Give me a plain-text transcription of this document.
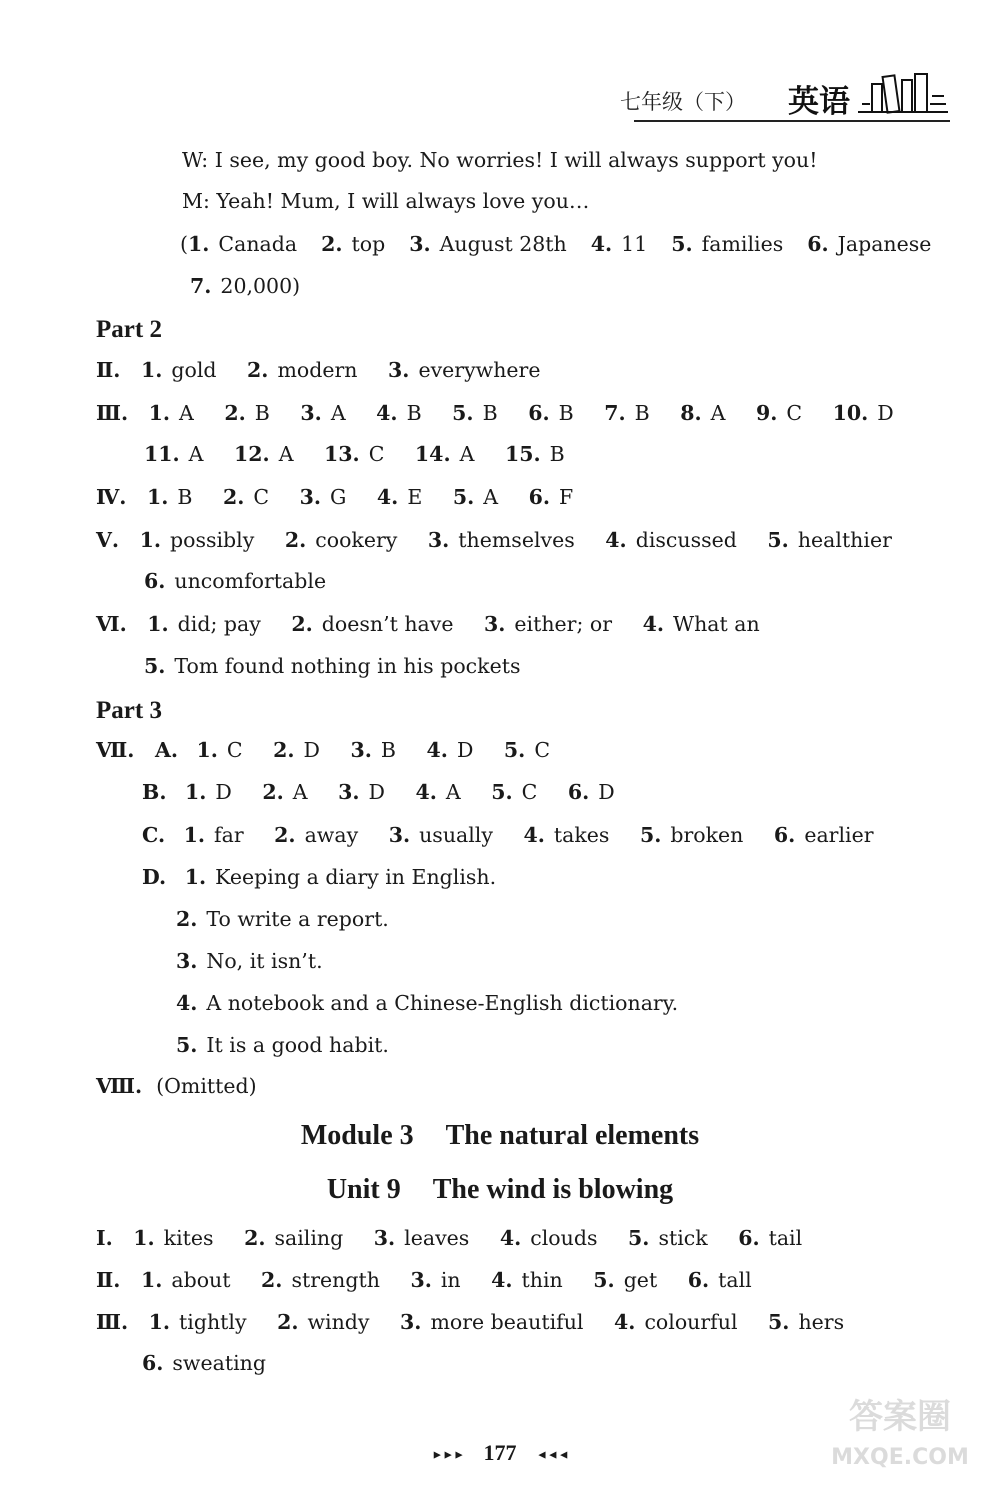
七年级（下） 英语
W: I see, my good boy. No worries! I will always support you!
M: Yeah! Mum, I will always love you…
(1. Canada 2. top 3. August 28th 4. 11 5. families 6. Japanese
7. 20,000)
Part 2
Ⅱ. 1. gold 2. modern 3. everywhere
Ⅲ. 1. A 2. B 3. A 4. B 5. B 6. B 7. B 8. A 9. C 10. D
11. A 12. A 13. C 14. A 15. B
Ⅳ. 1. B 2. C 3. G 4. E 5. A 6. F
Ⅴ. 1. possibly 2. cookery 3. themselves 4. discussed 5. healthier
6. uncomfortable
Ⅵ. 1. did; pay 2. doesn’t have 3. either; or 4. What an
5. Tom found nothing in his pockets
Part 3
Ⅶ. A. 1. C 2. D 3. B 4. D 5. C
B. 1. D 2. A 3. D 4. A 5. C 6. D
C. 1. far 2. away 3. usually 4. takes 5. broken 6. earlier
D. 1. Keeping a diary in English.
2. To write a report.
3. No, it isn’t.
4. A notebook and a Chinese-English dictionary.
5. It is a good habit.
Ⅷ. (Omitted)
Module 3 The natural elements
Unit 9 The wind is blowing
Ⅰ. 1. kites 2. sailing 3. leaves 4. clouds 5. stick 6. tail
Ⅱ. 1. about 2. strength 3. in 4. thin 5. get 6. tall
Ⅲ. 1. tightly 2. windy 3. more beautiful 4. colourful 5. hers
6. sweating
►►► 177 ◄◄◄
答案圈
MXQE.COM
